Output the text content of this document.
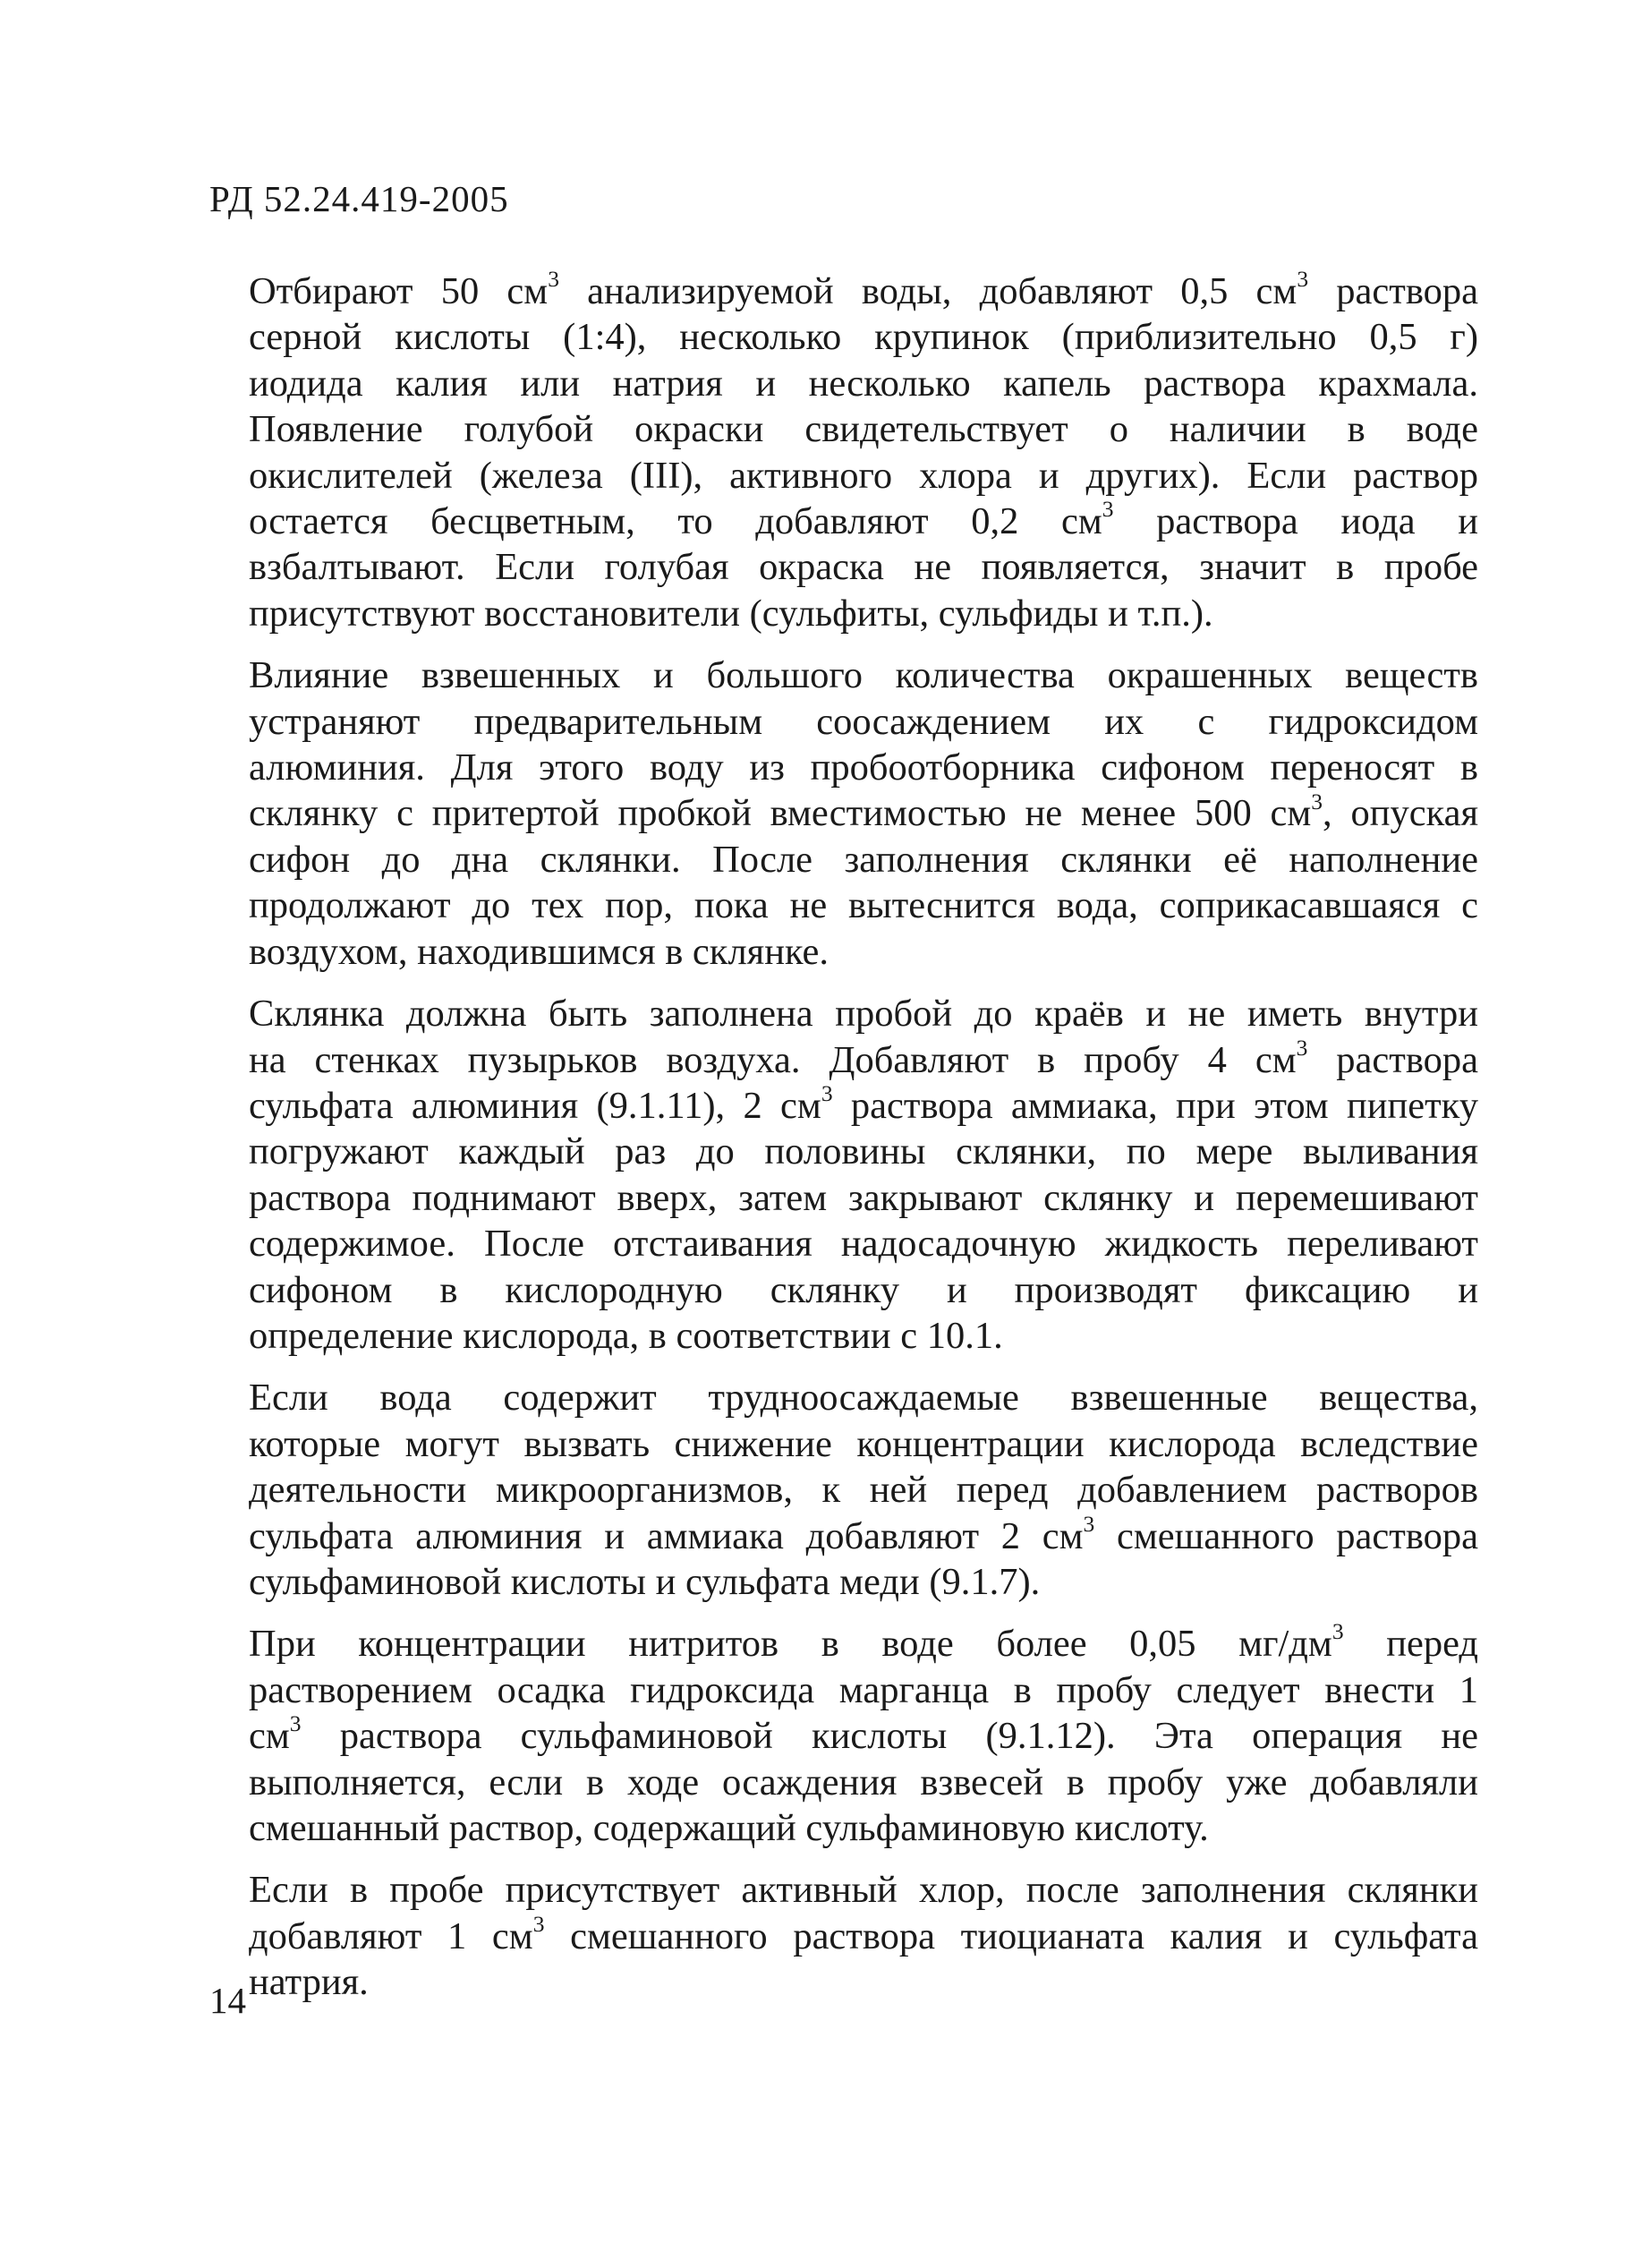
РД 52.24.419-2005
Отбирают 50 $см^3$ анализируемой воды, добавляют 0,5 $см^3$ раствора
серной кислоты (1:4), несколько крупинок (приблизительно 0,5 г)
иодида калия или натрия и несколько капель раствора крахмала.
Появление голубой окраски свидетельствует о наличии в воде
окислителей (железа (III), активного хлора и других). Если раствор
остается бесцветным, то добавляют 0,2 $см^3$ раствора иода и
взбалтывают. Если голубая окраска не появляется, значит в пробе
присутствуют восстановители (сульфиты, сульфиды и т.п.).
Влияние взвешенных и большого количества окрашенных веществ
устраняют предварительным соосаждением их с гидроксидом
алюминия. Для этого воду из пробоотборника сифоном переносят в
склянку с притертой пробкой вместимостью не менее 500 $см^3$, опуская
сифон до дна склянки. После заполнения склянки её наполнение
продолжают до тех пор, пока не вытеснится вода, соприкасавшаяся с
воздухом, находившимся в склянке.
Склянка должна быть заполнена пробой до краёв и не иметь внутри
на стенках пузырьков воздуха. Добавляют в пробу 4 $см^3$ раствора
сульфата алюминия (9.1.11), 2 $см^3$ раствора аммиака, при этом пипетку
погружают каждый раз до половины склянки, по мере выливания
раствора поднимают вверх, затем закрывают склянку и перемешивают
содержимое. После отстаивания надосадочную жидкость переливают
сифоном в кислородную склянку и производят фиксацию и
определение кислорода, в соответствии с 10.1.
Если вода содержит трудноосаждаемые взвешенные вещества,
которые могут вызвать снижение концентрации кислорода вследствие
деятельности микроорганизмов, к ней перед добавлением растворов
сульфата алюминия и аммиака добавляют 2 $см^3$ смешанного раствора
сульфаминовой кислоты и сульфата меди (9.1.7).
При концентрации нитритов в воде более 0,05 $мг/дм^3$ перед
растворением осадка гидроксида марганца в пробу следует внести 1
$см^3$ раствора сульфаминовой кислоты (9.1.12). Эта операция не
выполняется, если в ходе осаждения взвесей в пробу уже добавляли
смешанный раствор, содержащий сульфаминовую кислоту.
Если в пробе присутствует активный хлор, после заполнения склянки
добавляют 1 $см^3$ смешанного раствора тиоцианата калия и сульфата
натрия.
14
